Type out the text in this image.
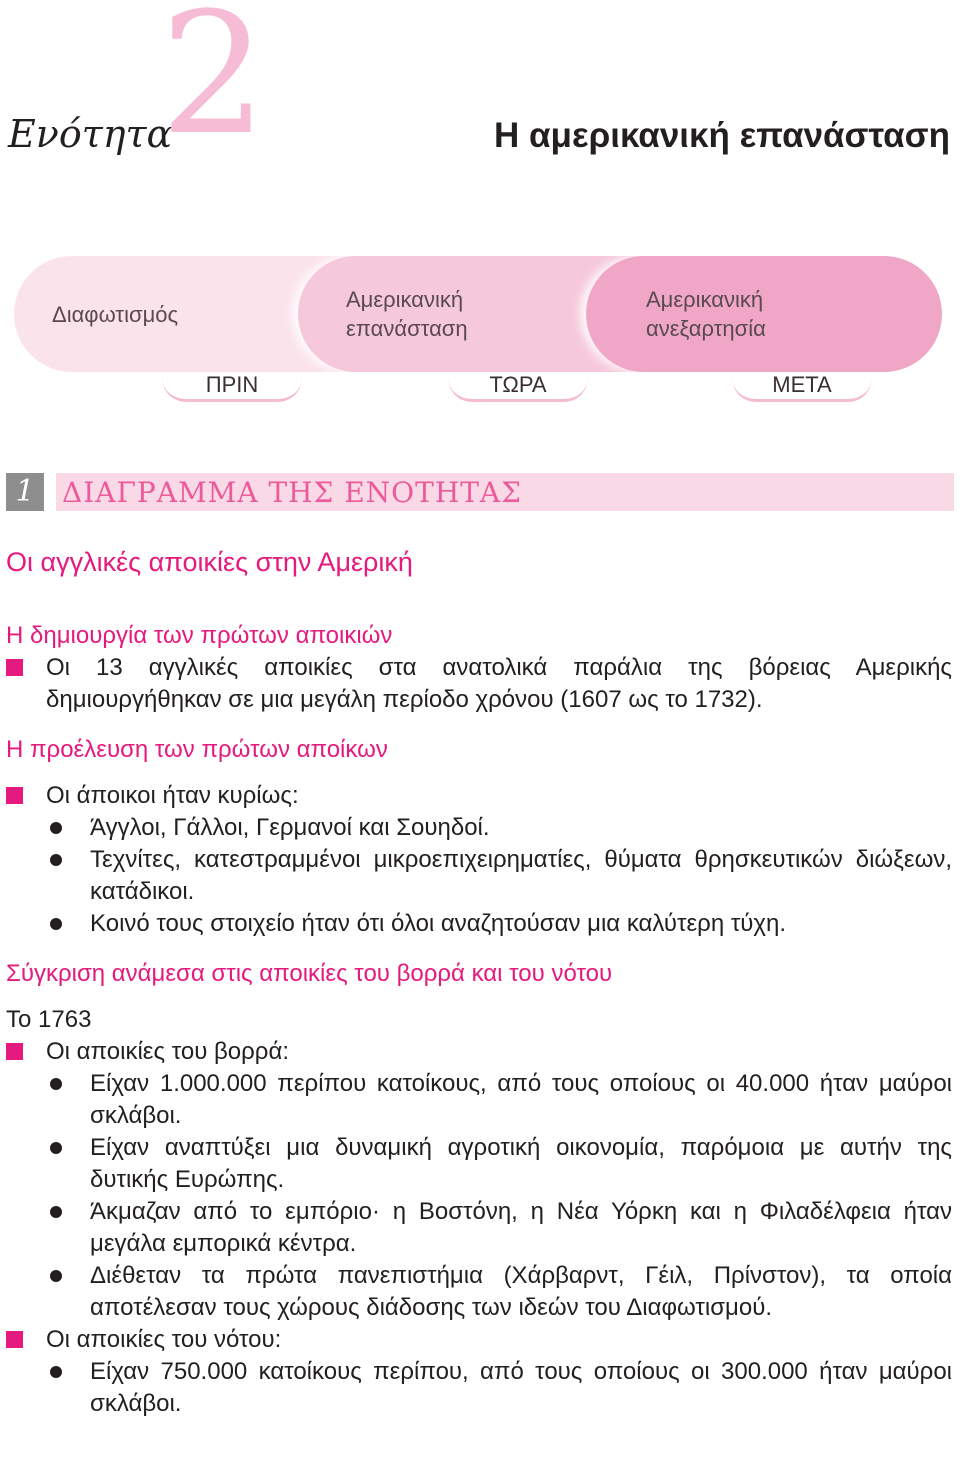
2
Ενότητα	Η αμερικανική επανάσταση
Διαφωτισμός
Αμερικανική
επανάσταση
Αμερικανική
ανεξαρτησία
ΠΡΙΝ	ΤΩΡΑ	ΜΕΤΑ
1 ΔΙΑΓΡΑΜΜΑ ΤΗΣ ΕΝΟΤΗΤΑΣ
Οι αγγλικές αποικίες στην Αμερική
Η δημιουργία των πρώτων αποικιών
Οι 13 αγγλικές αποικίες στα ανατολικά παράλια της βόρειας Αμερικής δημιουργήθηκαν σε μια μεγάλη περίοδο χρόνου (1607 ως το 1732).
Η προέλευση των πρώτων αποίκων
Οι άποικοι ήταν κυρίως:
Άγγλοι, Γάλλοι, Γερμανοί και Σουηδοί.
Τεχνίτες, κατεστραμμένοι μικροεπιχειρηματίες, θύματα θρησκευτικών διώξεων, κατάδικοι.
Κοινό τους στοιχείο ήταν ότι όλοι αναζητούσαν μια καλύτερη τύχη.
Σύγκριση ανάμεσα στις αποικίες του βορρά και του νότου
Το 1763
Οι αποικίες του βορρά:
Είχαν 1.000.000 περίπου κατοίκους, από τους οποίους οι 40.000 ήταν μαύροι σκλάβοι.
Είχαν αναπτύξει μια δυναμική αγροτική οικονομία, παρόμοια με αυτήν της δυτικής Ευρώπης.
Άκμαζαν από το εμπόριο· η Βοστόνη, η Νέα Υόρκη και η Φιλαδέλφεια ήταν μεγάλα εμπορικά κέντρα.
Διέθεταν τα πρώτα πανεπιστήμια (Χάρβαρντ, Γέιλ, Πρίνστον), τα οποία αποτέλεσαν τους χώρους διάδοσης των ιδεών του Διαφωτισμού.
Οι αποικίες του νότου:
Είχαν 750.000 κατοίκους περίπου, από τους οποίους οι 300.000 ήταν μαύροι σκλάβοι.
